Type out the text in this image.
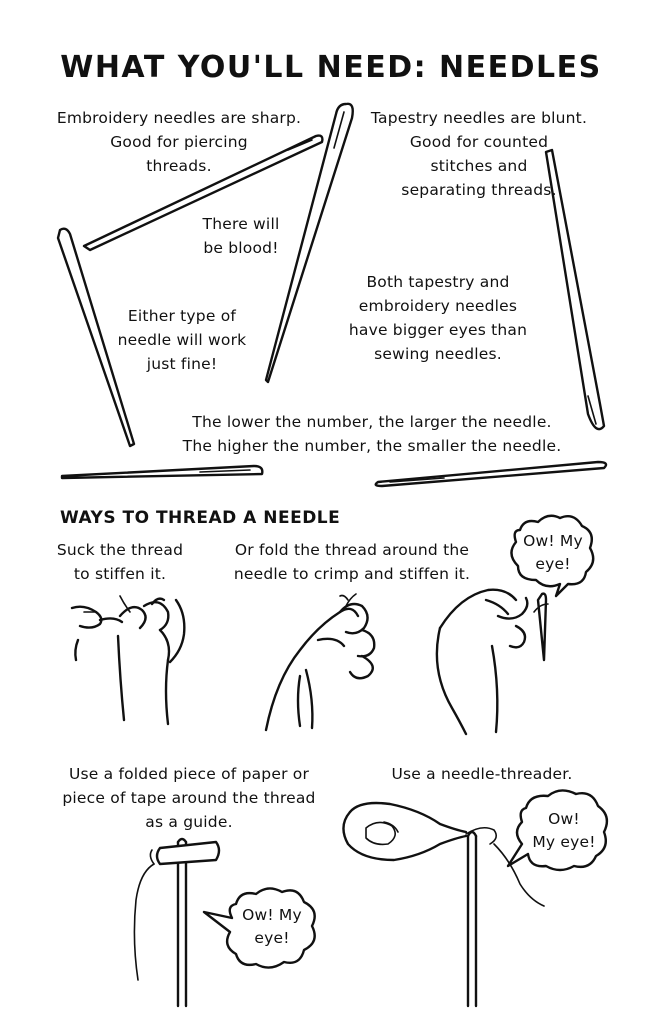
WHAT YOU'LL NEED: NEEDLES

Embroidery needles are sharp.
Good for piercing
threads.

There will
be blood!

Tapestry needles are blunt.
Good for counted
stitches and
separating threads.

Either type of
needle will work
just fine!

Both tapestry and
embroidery needles
have bigger eyes than
sewing needles.

The lower the number, the larger the needle.
The higher the number, the smaller the needle.

WAYS TO THREAD A NEEDLE

Suck the thread
to stiffen it.

Or fold the thread around the
needle to crimp and stiffen it.

Use a folded piece of paper or
piece of tape around the thread
as a guide.

Use a needle-threader.

Ow! My
eye!

Ow! My
eye!

Ow!
My eye!
